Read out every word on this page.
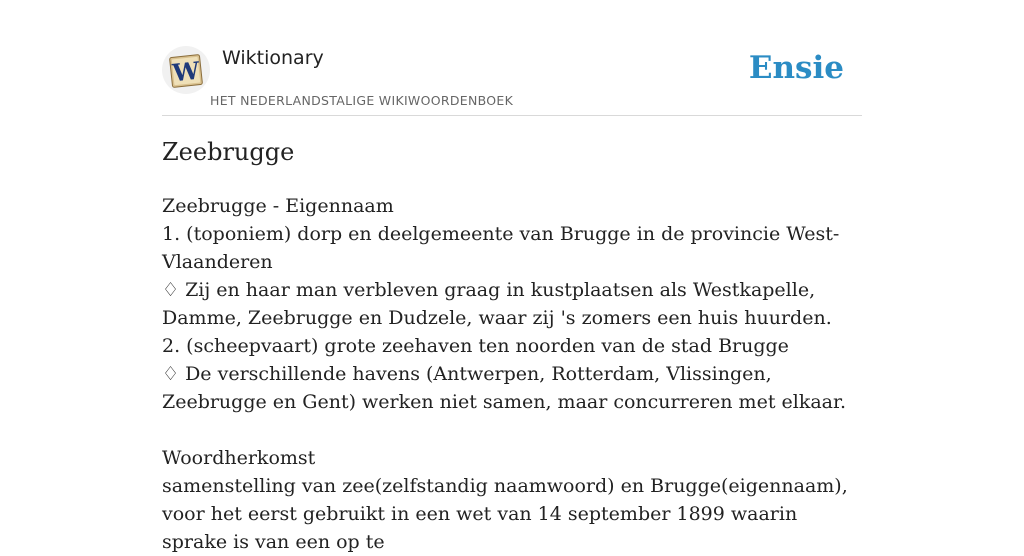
W Wiktionary
HET NEDERLANDSTALIGE WIKIWOORDENBOEK
Ensie
Zeebrugge
Zeebrugge - Eigennaam
1. (toponiem) dorp en deelgemeente van Brugge in de provincie West-Vlaanderen
♢ Zij en haar man verbleven graag in kustplaatsen als Westkapelle, Damme, Zeebrugge en Dudzele, waar zij 's zomers een huis huurden.
2. (scheepvaart) grote zeehaven ten noorden van de stad Brugge
♢ De verschillende havens (Antwerpen, Rotterdam, Vlissingen, Zeebrugge en Gent) werken niet samen, maar concurreren met elkaar.
Woordherkomst
samenstelling van zee(zelfstandig naamwoord) en Brugge(eigennaam), voor het eerst gebruikt in een wet van 14 september 1899 waarin sprake is van een op te
